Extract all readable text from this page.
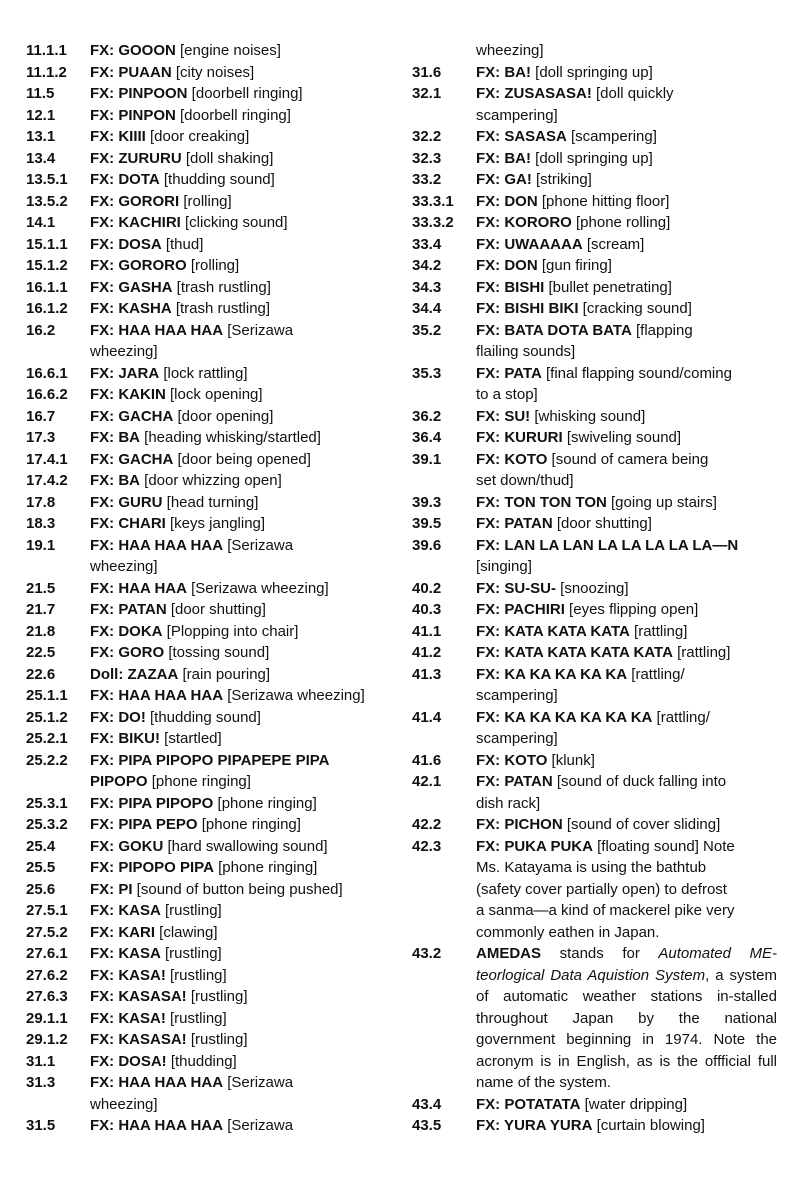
11.1.1	FX: GOOON [engine noises]
11.1.2	FX: PUAAN [city noises]
11.5	FX: PINPOON [doorbell ringing]
12.1	FX: PINPON [doorbell ringing]
13.1	FX: KIIII [door creaking]
13.4	FX: ZURURU [doll shaking]
13.5.1	FX: DOTA [thudding sound]
13.5.2	FX: GORORI [rolling]
14.1	FX: KACHIRI [clicking sound]
15.1.1	FX: DOSA [thud]
15.1.2	FX: GORORO [rolling]
16.1.1	FX: GASHA [trash rustling]
16.1.2	FX: KASHA [trash rustling]
16.2	FX: HAA HAA HAA [Serizawa
wheezing]
16.6.1	FX: JARA [lock rattling]
16.6.2	FX: KAKIN [lock opening]
16.7	FX: GACHA [door opening]
17.3	FX: BA [heading whisking/startled]
17.4.1	FX: GACHA [door being opened]
17.4.2	FX: BA [door whizzing open]
17.8	FX: GURU [head turning]
18.3	FX: CHARI [keys jangling]
19.1	FX: HAA HAA HAA [Serizawa
wheezing]
21.5	FX: HAA HAA [Serizawa wheezing]
21.7	FX: PATAN [door shutting]
21.8	FX: DOKA [Plopping into chair]
22.5	FX: GORO [tossing sound]
22.6	Doll: ZAZAA [rain pouring]
25.1.1	FX: HAA HAA HAA [Serizawa wheezing]
25.1.2	FX: DO! [thudding sound]
25.2.1	FX: BIKU! [startled]
25.2.2	FX: PIPA PIPOPO PIPAPEPE PIPA
PIPOPO [phone ringing]
25.3.1	FX: PIPA PIPOPO [phone ringing]
25.3.2	FX: PIPA PEPO [phone ringing]
25.4	FX: GOKU [hard swallowing sound]
25.5	FX: PIPOPO PIPA [phone ringing]
25.6	FX: PI [sound of button being pushed]
27.5.1	FX: KASA [rustling]
27.5.2	FX: KARI [clawing]
27.6.1	FX: KASA [rustling]
27.6.2	FX: KASA! [rustling]
27.6.3	FX: KASASA! [rustling]
29.1.1	FX: KASA! [rustling]
29.1.2	FX: KASASA! [rustling]
31.1	FX: DOSA! [thudding]
31.3	FX: HAA HAA HAA [Serizawa
wheezing]
31.5	FX: HAA HAA HAA [Serizawa
wheezing]
31.6	FX: BA! [doll springing up]
32.1	FX: ZUSASASA! [doll quickly
scampering]
32.2	FX: SASASA [scampering]
32.3	FX: BA! [doll springing up]
33.2	FX: GA! [striking]
33.3.1	FX: DON [phone hitting floor]
33.3.2	FX: KORORO [phone rolling]
33.4	FX: UWAAAAA [scream]
34.2	FX: DON [gun firing]
34.3	FX: BISHI [bullet penetrating]
34.4	FX: BISHI BIKI [cracking sound]
35.2	FX: BATA DOTA BATA [flapping
flailing sounds]
35.3	FX: PATA [final flapping sound/coming
to a stop]
36.2	FX: SU! [whisking sound]
36.4	FX: KURURI [swiveling sound]
39.1	FX: KOTO [sound of camera being
set down/thud]
39.3	FX: TON TON TON [going up stairs]
39.5	FX: PATAN [door shutting]
39.6	FX: LAN LA LAN LA LA LA LA LA—N
[singing]
40.2	FX: SU-SU- [snoozing]
40.3	FX: PACHIRI [eyes flipping open]
41.1	FX: KATA KATA KATA [rattling]
41.2	FX: KATA KATA KATA KATA [rattling]
41.3	FX: KA KA KA KA KA [rattling/
scampering]
41.4	FX: KA KA KA KA KA KA [rattling/
scampering]
41.6	FX: KOTO [klunk]
42.1	FX: PATAN [sound of duck falling into
dish rack]
42.2	FX: PICHON [sound of cover sliding]
42.3	FX: PUKA PUKA [floating sound] Note
Ms. Katayama is using the bathtub
(safety cover partially open) to defrost
a sanma—a kind of mackerel pike very
commonly eathen in Japan.
43.2	AMEDAS stands for Automated ME-teorlogical Data Aquistion System, a system of automatic weather stations in-stalled throughout Japan by the national government beginning in 1974. Note the acronym is in English, as is the offficial full name of the system.
43.4	FX: POTATATA [water dripping]
43.5	FX: YURA YURA [curtain blowing]
